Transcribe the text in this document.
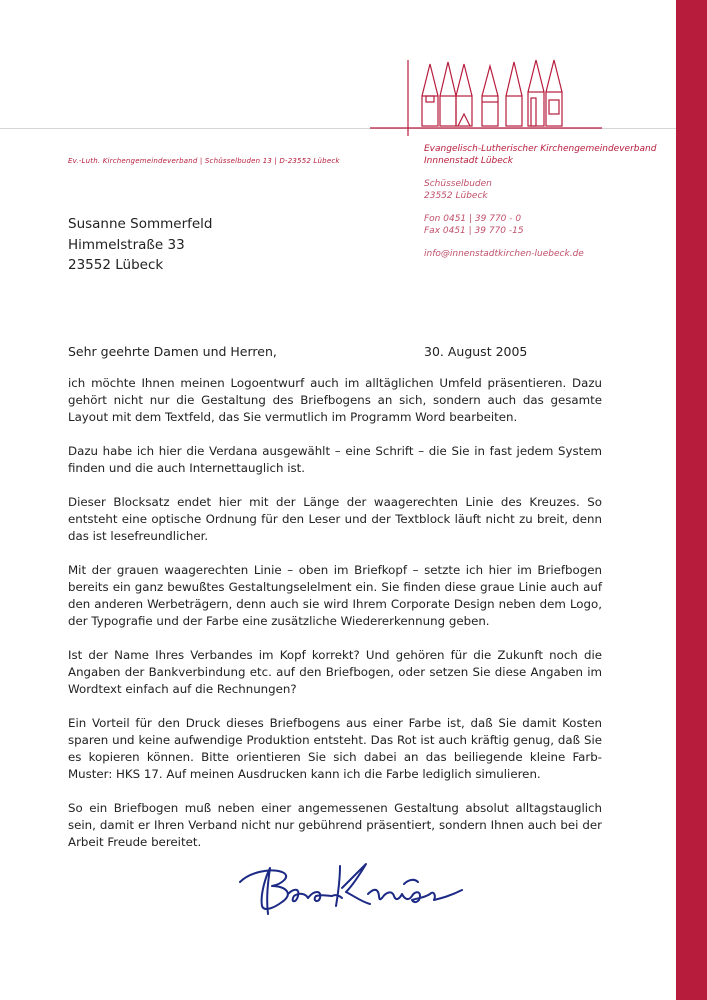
Ev.-Luth. Kirchengemeindeverband | Schüsselbuden 13 | D-23552 Lübeck
Evangelisch-Lutherischer Kirchengemeindeverband
Innnenstadt Lübeck
Schüsselbuden
23552 Lübeck
Fon 0451 | 39 770 - 0
Fax 0451 | 39 770 -15
info@innenstadtkirchen-luebeck.de
Susanne Sommerfeld
Himmelstraße 33
23552 Lübeck
Sehr geehrte Damen und Herren,	30. August 2005

ich möchte Ihnen meinen Logoentwurf auch im alltäglichen Umfeld präsentieren. Dazu gehört nicht nur die Gestaltung des Briefbogens an sich, sondern auch das gesamte Layout mit dem Textfeld, das Sie vermutlich im Programm Word bearbeiten.

Dazu habe ich hier die Verdana ausgewählt – eine Schrift – die Sie in fast jedem System finden und die auch Internettauglich ist.

Dieser Blocksatz endet hier mit der Länge der waagerechten Linie des Kreuzes. So entsteht eine optische Ordnung für den Leser und der Textblock läuft nicht zu breit, denn das ist lesefreundlicher.

Mit der grauen waagerechten Linie – oben im Briefkopf – setzte ich hier im Briefbogen bereits ein ganz bewußtes Gestaltungselelment ein. Sie finden diese graue Linie auch auf den anderen Werbeträgern, denn auch sie wird Ihrem Corporate Design neben dem Logo, der Typografie und der Farbe eine zusätzliche Wiedererkennung geben.

Ist der Name Ihres Verbandes im Kopf korrekt? Und gehören für die Zukunft noch die Angaben der Bankverbindung etc. auf den Briefbogen, oder setzen Sie diese Angaben im Wordtext einfach auf die Rechnungen?

Ein Vorteil für den Druck dieses Briefbogens aus einer Farbe ist, daß Sie damit Kosten sparen und keine aufwendige Produktion entsteht. Das Rot ist auch kräftig genug, daß Sie es kopieren können. Bitte orientieren Sie sich dabei an das beiliegende kleine Farb-Muster: HKS 17. Auf meinen Ausdrucken kann ich die Farbe lediglich simulieren.

So ein Briefbogen muß neben einer angemessenen Gestaltung absolut alltagstauglich sein, damit er Ihren Verband nicht nur gebührend präsentiert, sondern Ihnen auch bei der Arbeit Freude bereitet.
